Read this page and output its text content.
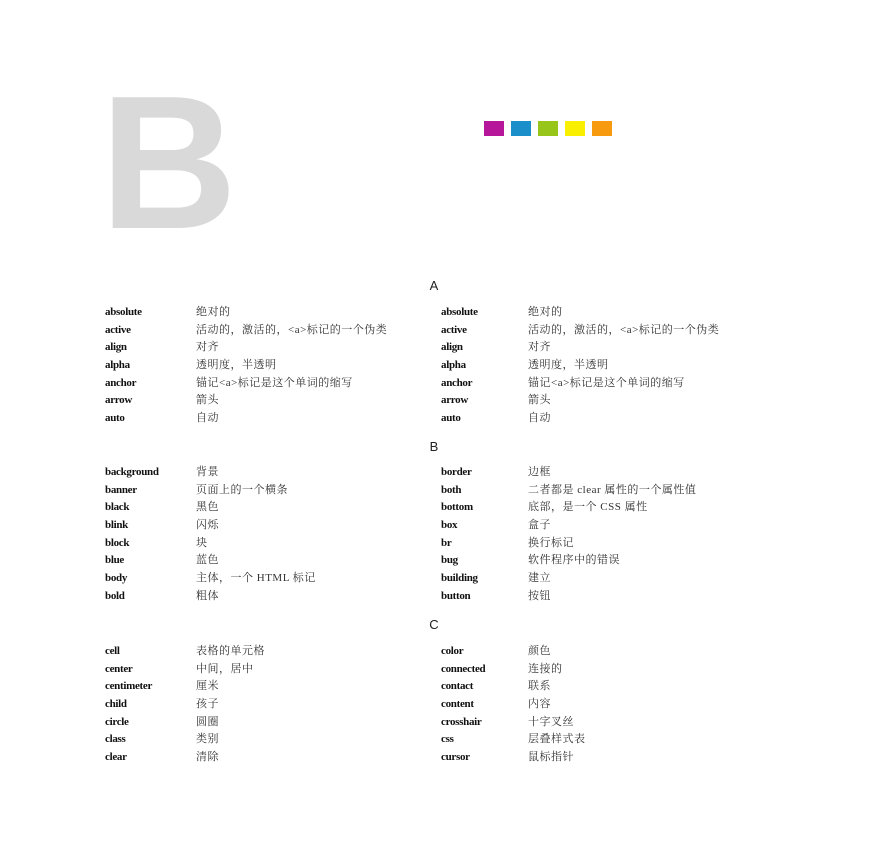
B
A
absolute	绝对的
active	活动的，激活的，<a>标记的一个伪类
align	对齐
alpha	透明度，半透明
anchor	锚记<a>标记是这个单词的缩写
arrow	箭头
auto	自动
absolute	绝对的
active	活动的，激活的，<a>标记的一个伪类
align	对齐
alpha	透明度，半透明
anchor	锚记<a>标记是这个单词的缩写
arrow	箭头
auto	自动
B
background	背景
banner	页面上的一个横条
black	黑色
blink	闪烁
block	块
blue	蓝色
body	主体，一个 HTML 标记
bold	粗体
border	边框
both	二者都是 clear 属性的一个属性值
bottom	底部，是一个 CSS 属性
box	盒子
br	换行标记
bug	软件程序中的错误
building	建立
button	按钮
C
cell	表格的单元格
center	中间，居中
centimeter	厘米
child	孩子
circle	圆圈
class	类别
clear	清除
color	颜色
connected	连接的
contact	联系
content	内容
crosshair	十字叉丝
css	层叠样式表
cursor	鼠标指针
